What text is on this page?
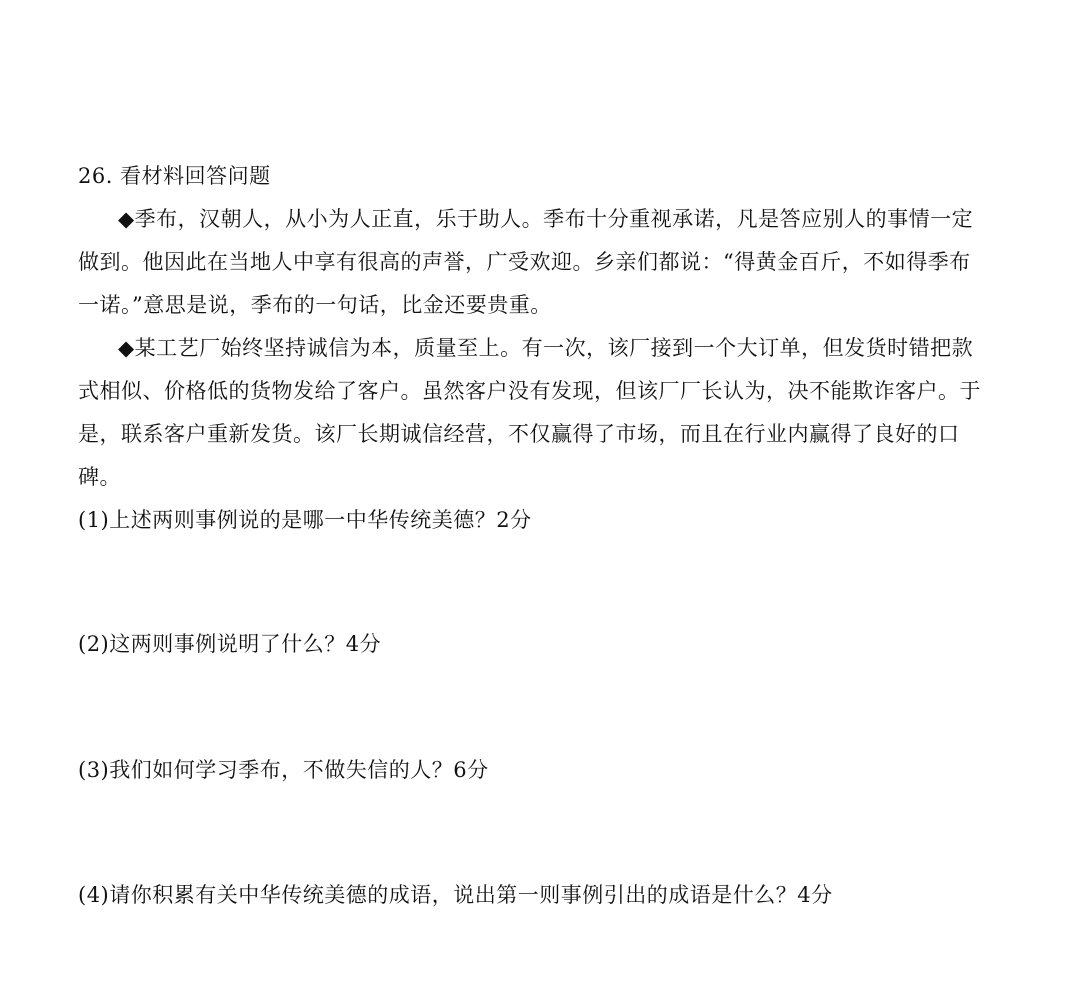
26. 看材料回答问题

◆季布，汉朝人，从小为人正直，乐于助人。季布十分重视承诺，凡是答应别人的事情一定

做到。他因此在当地人中享有很高的声誉，广受欢迎。乡亲们都说：“得黄金百斤，不如得季布

一诺。”意思是说，季布的一句话，比金还要贵重。

◆某工艺厂始终坚持诚信为本，质量至上。有一次，该厂接到一个大订单，但发货时错把款

式相似、价格低的货物发给了客户。虽然客户没有发现，但该厂厂长认为，决不能欺诈客户。于

是，联系客户重新发货。该厂长期诚信经营，不仅赢得了市场，而且在行业内赢得了良好的口

碑。

(1)上述两则事例说的是哪一中华传统美德？2分

(2)这两则事例说明了什么？4分

(3)我们如何学习季布，不做失信的人？6分

(4)请你积累有关中华传统美德的成语，说出第一则事例引出的成语是什么？4分
